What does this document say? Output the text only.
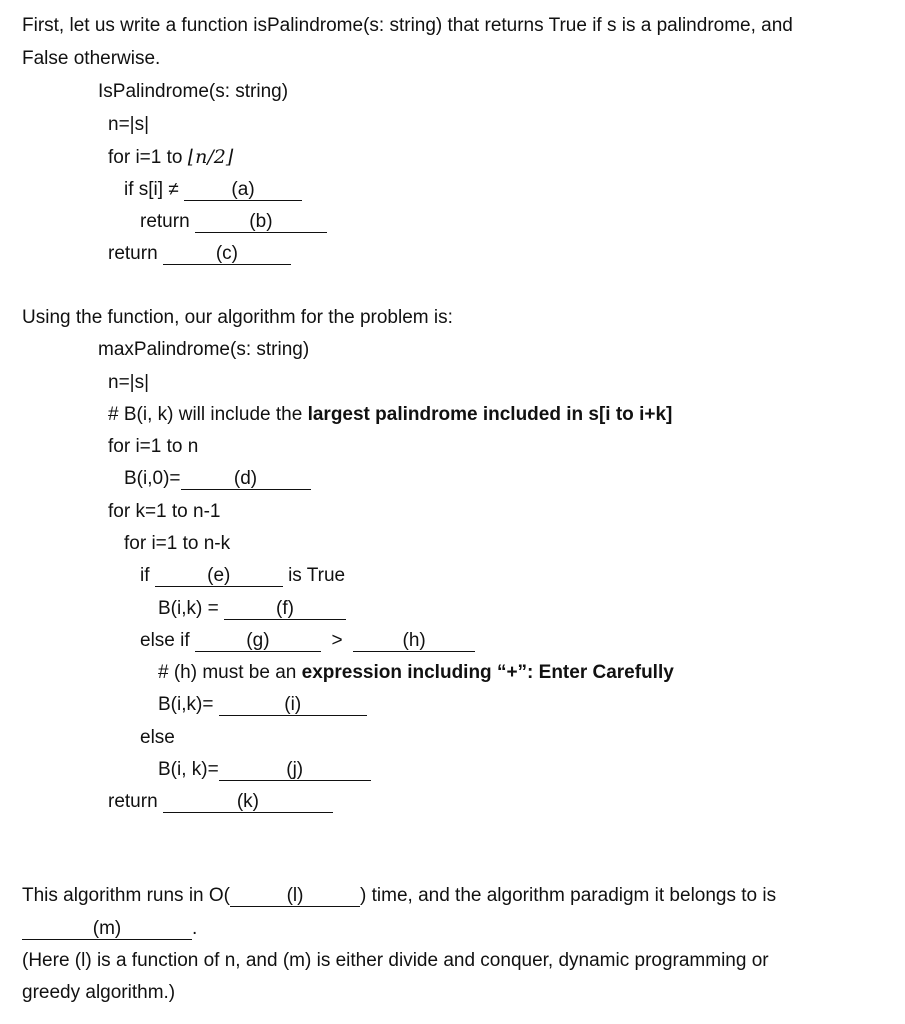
First, let us write a function isPalindrome(s: string) that returns True if s is a palindrome, and
False otherwise.
IsPalindrome(s: string)
n=|s|
for i=1 to ⌊n/2⌋
if s[i] ≠	(a)
return	(b)
return	(c)
Using the function, our algorithm for the problem is:
maxPalindrome(s: string)
n=|s|
# B(i, k) will include the largest palindrome included in s[i to i+k]
for i=1 to n
B(i,0)=	(d)
for k=1 to n-1
for i=1 to n-k
if	(e)	is True
B(i,k) =	(f)
else if	(g)	>	(h)
# (h) must be an expression including “+”: Enter Carefully
B(i,k)=	(i)
else
B(i, k)=	(j)
return	(k)
This algorithm runs in O(	(l)	) time, and the algorithm paradigm it belongs to is
(m)	.
(Here (l) is a function of n, and (m) is either divide and conquer, dynamic programming or
greedy algorithm.)
